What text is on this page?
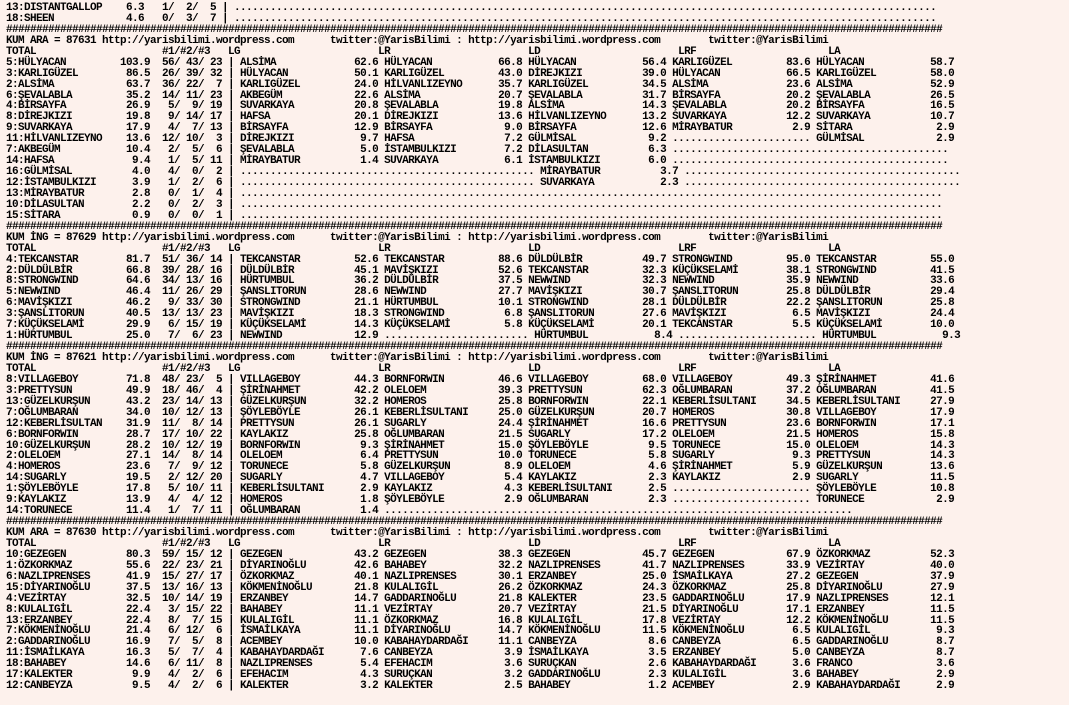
13:DISTANTGALLOP    6.3   1/  2/  5 | .....................................................................................................................
18:SHEEN            4.6   0/  3/  7 | .....................................................................................................................
############################################################################################################################################################
KUM ARA = 87631 http://yarisbilimi.wordpress.com      twitter:@YarisBilimi : http://yarisbilimi.wordpress.com        twitter:@YarisBilimi
TOTAL                     #1/#2/#3   LG                       LR                       LD                       LRF                      LA
5:HÜLYACAN         103.9  56/ 43/ 23 | ALSİMA             62.6 HÜLYACAN           66.8 HÜLYACAN           56.4 KARLIGÜZEL         83.6 HÜLYACAN           58.7
3:KARLIGÜZEL        86.5  26/ 39/ 32 | HÜLYACAN           50.1 KARLIGÜZEL         43.0 DİREJKIZI          39.0 HÜLYACAN           66.5 KARLIGÜZEL         58.0
2:ALSİMA            63.7  36/ 22/  7 | KARLIGÜZEL         24.0 HİLVANLIZEYNO      35.7 KARLIGÜZEL         34.5 ALSİMA             23.6 ALSİMA             52.9
6:ŞEVALABLA         35.2  14/ 11/ 23 | AKBEGÜM            22.6 ALSİMA             20.7 ŞEVALABLA          31.7 BİRSAYFA           20.2 ŞEVALABLA          26.5
4:BİRSAYFA          26.9   5/  9/ 19 | SUVARKAYA          20.8 ŞEVALABLA          19.8 ALSİMA             14.3 ŞEVALABLA          20.2 BİRSAYFA           16.5
8:DİREJKIZI         19.8   9/ 14/ 17 | HAFSA              20.1 DİREJKIZI          13.6 HİLVANLIZEYNO      13.2 SUVARKAYA          12.2 SUVARKAYA          10.7
9:SUVARKAYA         17.9   4/  7/ 13 | BİRSAYFA           12.9 BİRSAYFA            9.0 BİRSAYFA           12.6 MİRAYBATUR          2.9 SİTARA              2.9
11:HİLVANLIZEYNO    13.6  12/ 10/  3 | DİREJKIZI           9.7 HAFSA               7.2 GÜLMİSAL            9.2 ....................... GÜLMİSAL            2.9
7:AKBEGÜM           10.4   2/  5/  6 | ŞEVALABLA           5.0 İSTAMBULKIZI        7.2 DİLASULTAN          6.3 ..............................................
14:HAFSA             9.4   1/  5/ 11 | MİRAYBATUR          1.4 SUVARKAYA           6.1 İSTAMBULKIZI        6.0 ..............................................
16:GÜLMİSAL          4.0   4/  0/  2 | ................................................. MİRAYBATUR          3.7 ..............................................
12:İSTAMBULKIZI      3.9   1/  2/  6 | ................................................. SUVARKAYA           2.3 ..............................................
13:MİRAYBATUR        2.8   0/  1/  4 | .....................................................................................................................
10:DİLASULTAN        2.2   0/  2/  3 | .....................................................................................................................
15:SİTARA            0.9   0/  0/  1 | .....................................................................................................................
############################################################################################################################################################
KUM İNG = 87629 http://yarisbilimi.wordpress.com      twitter:@YarisBilimi : http://yarisbilimi.wordpress.com        twitter:@YarisBilimi
TOTAL                     #1/#2/#3   LG                       LR                       LD                       LRF                      LA
4:TEKCANSTAR        81.7  51/ 36/ 14 | TEKCANSTAR         52.6 TEKCANSTAR         88.6 DÜLDÜLBİR          49.7 STRONGWIND         95.0 TEKCANSTAR         55.0
2:DÜLDÜLBİR         66.8  39/ 28/ 16 | DÜLDÜLBİR          45.1 MAVİŞKIZI          52.6 TEKCANSTAR         32.3 KÜÇÜKSELAMİ        38.1 STRONGWIND         41.5
8:STRONGWIND        64.6  34/ 13/ 16 | HÜRTUMBUL          36.2 DÜLDÜLBİR          37.5 NEWWIND            32.3 NEWWIND            35.9 NEWWIND            33.6
5:NEWWIND           46.4  11/ 26/ 29 | ŞANSLITORUN        28.6 NEWWIND            27.7 MAVİŞKIZI          30.7 ŞANSLITORUN        25.8 DÜLDÜLBİR          29.4
6:MAVİŞKIZI         46.2   9/ 33/ 30 | STRONGWIND         21.1 HÜRTUMBUL          10.1 STRONGWIND         28.1 DÜLDÜLBİR          22.2 ŞANSLITORUN        25.8
3:ŞANSLITORUN       40.5  13/ 13/ 23 | MAVİŞKIZI          18.3 STRONGWIND          6.8 ŞANSLITORUN        27.6 MAVİŞKIZI           6.5 MAVİŞKIZI          24.4
7:KÜÇÜKSELAMİ       29.9   6/ 15/ 19 | KÜÇÜKSELAMİ        14.3 KÜÇÜKSELAMİ         5.8 KÜÇÜKSELAMİ        20.1 TEKCANSTAR          5.5 KÜÇÜKSELAMİ        10.0
1:HÜRTUMBUL         25.0   7/  6/ 23 | NEWWIND            12.9 ........................ HÜRTUMBUL           8.4 ....................... HÜRTUMBUL           9.3
############################################################################################################################################################
KUM İNG = 87621 http://yarisbilimi.wordpress.com      twitter:@YarisBilimi : http://yarisbilimi.wordpress.com        twitter:@YarisBilimi
TOTAL                     #1/#2/#3   LG                       LR                       LD                       LRF                      LA
8:VILLAGEBOY        71.8  48/ 23/  5 | VILLAGEBOY         44.3 BORNFORWIN         46.6 VILLAGEBOY         68.0 VILLAGEBOY         49.3 ŞİRİNAHMET         41.6
3:PRETTYSUN         49.9  18/ 46/  4 | ŞİRİNAHMET         42.2 OLELOEM            39.3 PRETTYSUN          62.3 OĞLUMBARAN         37.2 OĞLUMBARAN         41.5
13:GÜZELKURŞUN      43.2  23/ 14/ 13 | GÜZELKURŞUN        32.2 HOMEROS            25.8 BORNFORWIN         22.1 KEBERLİSULTANI     34.5 KEBERLİSULTANI     27.9
7:OĞLUMBARAN        34.0  10/ 12/ 13 | ŞÖYLEBÖYLE         26.1 KEBERLİSULTANI     25.0 GÜZELKURŞUN        20.7 HOMEROS            30.8 VILLAGEBOY         17.9
12:KEBERLİSULTAN    31.9  11/  8/ 14 | PRETTYSUN          26.1 SUGARLY            24.4 ŞİRİNAHMET         16.6 PRETTYSUN          23.6 BORNFORWIN         17.1
6:BORNFORWIN        28.7  17/ 10/ 22 | KAYLAKIZ           25.8 OĞLUMBARAN         21.5 SUGARLY            17.2 OLELOEM            21.5 HOMEROS            15.8
10:GÜZELKURŞUN      28.2  10/ 12/ 19 | BORNFORWIN          9.3 ŞİRİNAHMET         15.0 ŞÖYLEBÖYLE          9.5 TORUNECE           15.0 OLELOEM            14.3
2:OLELOEM           27.1  14/  8/ 14 | OLELOEM             6.4 PRETTYSUN          10.0 TORUNECE            5.8 SUGARLY             9.3 PRETTYSUN          14.3
4:HOMEROS           23.6   7/  9/ 12 | TORUNECE            5.8 GÜZELKURŞUN         8.9 OLELOEM             4.6 ŞİRİNAHMET          5.9 GÜZELKURŞUN        13.6
14:SUGARLY          19.5   2/ 12/ 20 | SUGARLY             4.7 VILLAGEBOY          5.4 KAYLAKIZ            2.3 KAYLAKIZ            2.9 SUGARLY            11.5
1:ŞÖYLEBÖYLE        17.8   5/ 10/ 11 | KEBERLİSULTANI      2.9 KAYLAKIZ            4.3 KEBERLİSULTANI      2.5 ....................... ŞÖYLEBÖYLE         10.8
9:KAYLAKIZ          13.9   4/  4/ 12 | HOMEROS             1.8 ŞÖYLEBÖYLE          2.9 OĞLUMBARAN          2.3 ....................... TORUNECE            2.9
14:TORUNECE         11.4   1/  7/ 11 | OĞLUMBARAN          1.4 ..............................................................................
############################################################################################################################################################
KUM ARA = 87630 http://yarisbilimi.wordpress.com      twitter:@YarisBilimi : http://yarisbilimi.wordpress.com        twitter:@YarisBilimi
TOTAL                     #1/#2/#3   LG                       LR                       LD                       LRF                      LA
10:GEZEGEN          80.3  59/ 15/ 12 | GEZEGEN            43.2 GEZEGEN            38.3 GEZEGEN            45.7 GEZEGEN            67.9 ÖZKORKMAZ          52.3
1:ÖZKORKMAZ         55.6  22/ 23/ 21 | DİYARINOĞLU        42.6 BAHABEY            32.2 NAZLIPRENSES       41.7 NAZLIPRENSES       33.9 VEZİRTAY           40.0
6:NAZLIPRENSES      41.9  15/ 27/ 17 | ÖZKORKMAZ          40.1 NAZLIPRENSES       30.1 ERZANBEY           25.0 İSMAİLKAYA         27.2 GEZEGEN            37.9
15:DİYARINOĞLU      37.5  13/ 16/ 13 | KÖKMENİNOĞLU       21.8 KULALIGİL          26.2 ÖZKORKMAZ          24.3 ÖZKORKMAZ          25.8 DİYARINOĞLU        27.9
4:VEZİRTAY          32.5  10/ 14/ 19 | ERZANBEY           14.7 GADDARINOĞLU       21.8 KALEKTER           23.5 GADDARINOĞLU       17.9 NAZLIPRENSES       12.1
8:KULALIGİL         22.4   3/ 15/ 22 | BAHABEY            11.1 VEZİRTAY           20.7 VEZİRTAY           21.5 DİYARINOĞLU        17.1 ERZANBEY           11.5
13:ERZANBEY         22.4   8/  7/ 15 | KULALIGİL          11.1 ÖZKORKMAZ          16.8 KULALIGİL          17.8 VEZİRTAY           12.2 KÖKMENİNOĞLU       11.5
7:KÖKMENİNOĞLU      21.4   6/ 12/  6 | İSMAİLKAYA         11.1 DİYARINOĞLU        14.7 KÖKMENİNOĞLU       11.5 KÖKMENİNOĞLU        6.5 KULALIGİL           9.3
2:GADDARINOĞLU      16.9   7/  5/  8 | ACEMBEY            10.0 KABAHAYDARDAĞI     11.1 CANBEYZA            8.6 CANBEYZA            6.5 GADDARINOĞLU        8.7
11:İSMAİLKAYA       16.3   5/  7/  4 | KABAHAYDARDAĞI      7.6 CANBEYZA            3.9 İSMAİLKAYA          3.5 ERZANBEY            5.0 CANBEYZA            8.7
18:BAHABEY          14.6   6/ 11/  8 | NAZLIPRENSES        5.4 EFEHACIM            3.6 SURUÇKAN            2.6 KABAHAYDARDAĞI      3.6 FRANCO              3.6
17:KALEKTER          9.9   4/  2/  6 | EFEHACIM            4.3 SURUÇKAN            3.2 GADDARINOĞLU        2.3 KULALIGİL           3.6 BAHABEY             2.9
12:CANBEYZA          9.5   4/  2/  6 | KALEKTER            3.2 KALEKTER            2.5 BAHABEY             1.2 ACEMBEY             2.9 KABAHAYDARDAĞI      2.9
